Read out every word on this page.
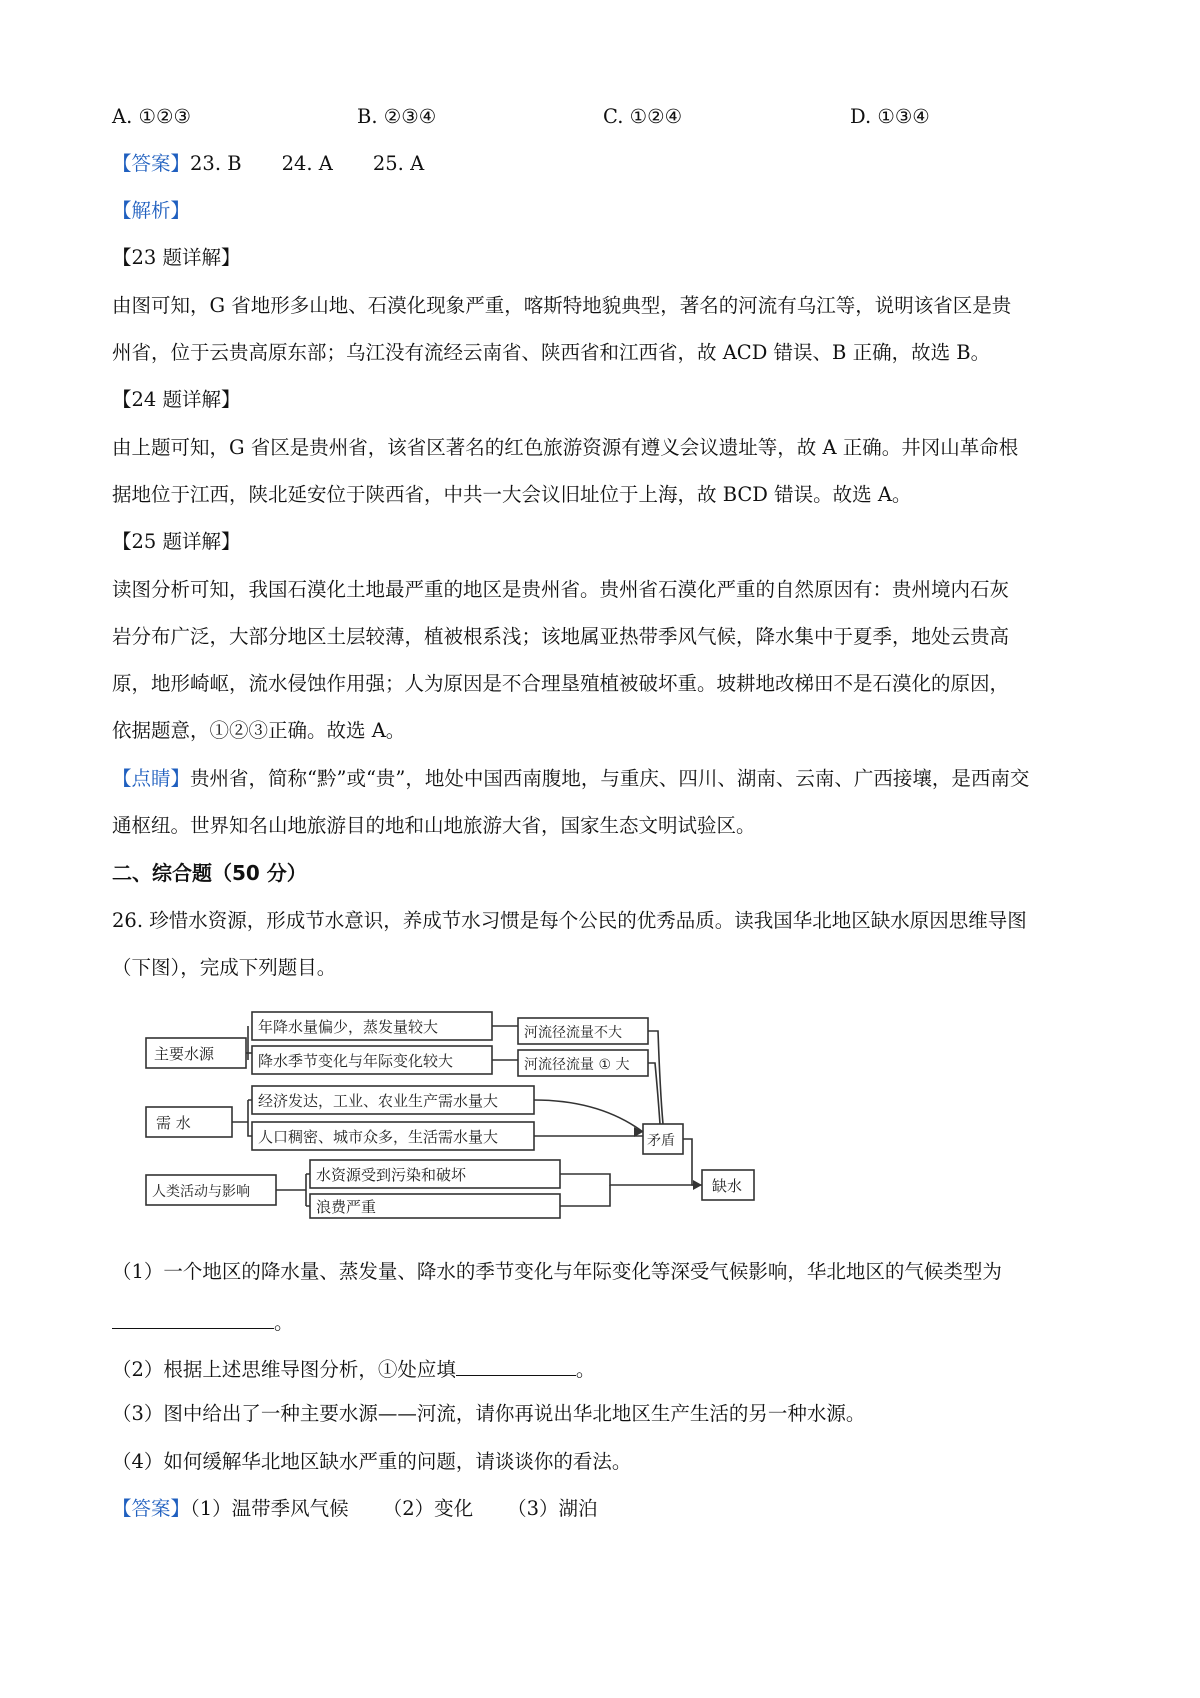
A. ①②③	B. ②③④	C. ①②④	D. ①③④
【答案】23. B 24. A 25. A
【解析】
【23 题详解】
由图可知，G 省地形多山地、石漠化现象严重，喀斯特地貌典型，著名的河流有乌江等，说明该省区是贵
州省，位于云贵高原东部；乌江没有流经云南省、陕西省和江西省，故 ACD 错误、B 正确，故选 B。
【24 题详解】
由上题可知，G 省区是贵州省，该省区著名的红色旅游资源有遵义会议遗址等，故 A 正确。井冈山革命根
据地位于江西，陕北延安位于陕西省，中共一大会议旧址位于上海，故 BCD 错误。故选 A。
【25 题详解】
读图分析可知，我国石漠化土地最严重的地区是贵州省。贵州省石漠化严重的自然原因有：贵州境内石灰
岩分布广泛，大部分地区土层较薄，植被根系浅；该地属亚热带季风气候，降水集中于夏季，地处云贵高
原，地形崎岖，流水侵蚀作用强；人为原因是不合理垦殖植被破坏重。坡耕地改梯田不是石漠化的原因，
依据题意，①②③正确。故选 A。
【点睛】贵州省，简称“黔”或“贵”，地处中国西南腹地，与重庆、四川、湖南、云南、广西接壤，是西南交
通枢纽。世界知名山地旅游目的地和山地旅游大省，国家生态文明试验区。
二、综合题（50 分）
26. 珍惜水资源，形成节水意识，养成节水习惯是每个公民的优秀品质。读我国华北地区缺水原因思维导图
（下图），完成下列题目。
主要水源
需 水
人类活动与影响
年降水量偏少，蒸发量较大
降水季节变化与年际变化较大
河流径流量不大
河流径流量 ① 大
经济发达，工业、农业生产需水量大
人口稠密、城市众多，生活需水量大
水资源受到污染和破坏
浪费严重
矛盾
缺水
（1）一个地区的降水量、蒸发量、降水的季节变化与年际变化等深受气候影响，华北地区的气候类型为
。
（2）根据上述思维导图分析，①处应填	。
（3）图中给出了一种主要水源——河流，请你再说出华北地区生产生活的另一种水源。
（4）如何缓解华北地区缺水严重的问题，请谈谈你的看法。
【答案】（1）温带季风气候 （2）变化 （3）湖泊
